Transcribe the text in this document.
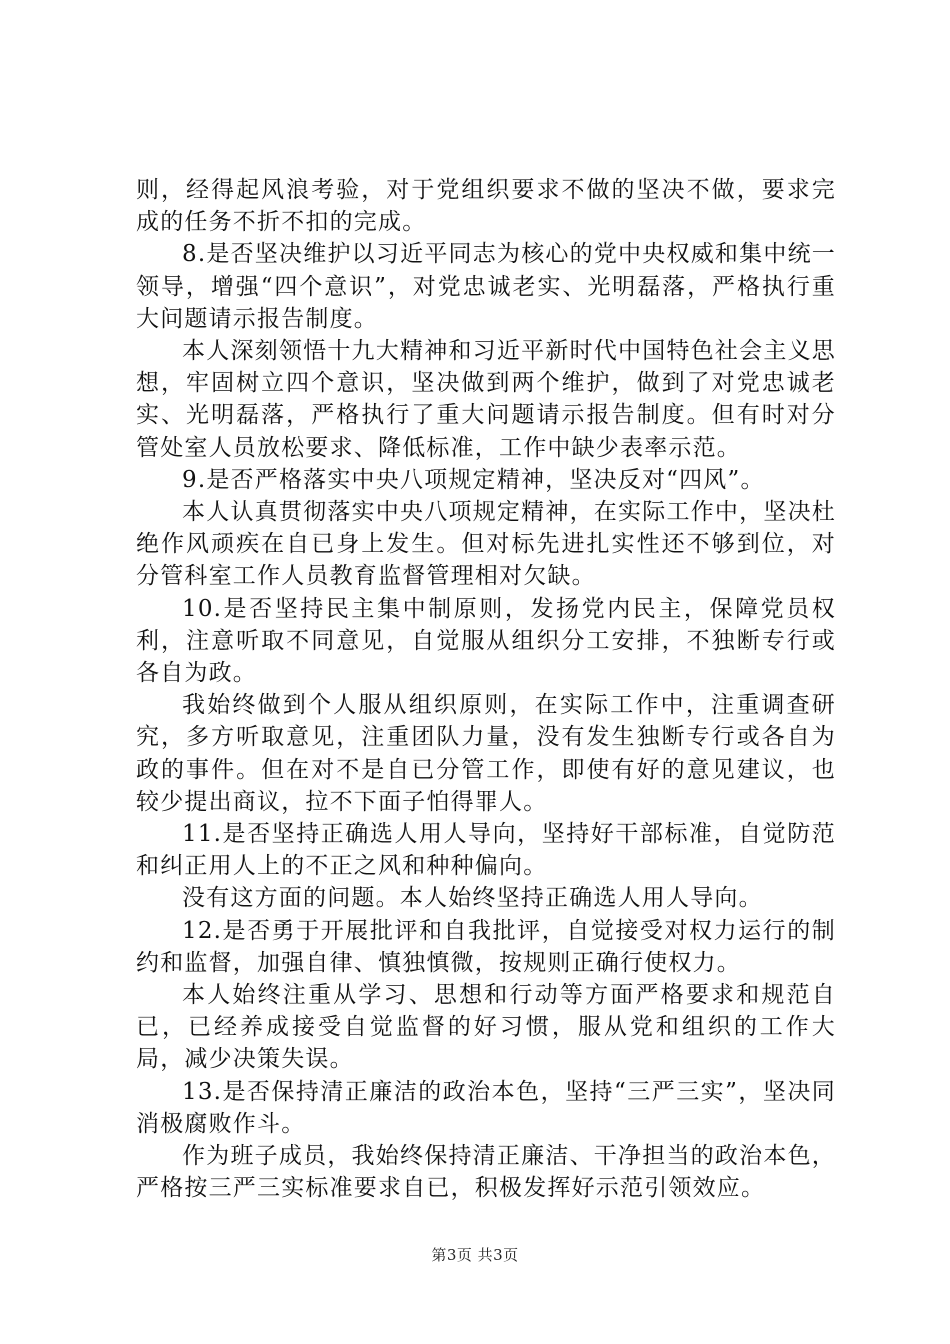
则，经得起风浪考验，对于党组织要求不做的坚决不做，要求完成的任务不折不扣的完成。

8.是否坚决维护以习近平同志为核心的党中央权威和集中统一领导，增强“四个意识”，对党忠诚老实、光明磊落，严格执行重大问题请示报告制度。

本人深刻领悟十九大精神和习近平新时代中国特色社会主义思想，牢固树立四个意识，坚决做到两个维护，做到了对党忠诚老实、光明磊落，严格执行了重大问题请示报告制度。但有时对分管处室人员放松要求、降低标准，工作中缺少表率示范。

9.是否严格落实中央八项规定精神，坚决反对“四风”。

本人认真贯彻落实中央八项规定精神，在实际工作中，坚决杜绝作风顽疾在自已身上发生。但对标先进扎实性还不够到位，对分管科室工作人员教育监督管理相对欠缺。

10.是否坚持民主集中制原则，发扬党内民主，保障党员权利，注意听取不同意见，自觉服从组织分工安排，不独断专行或各自为政。

我始终做到个人服从组织原则，在实际工作中，注重调查研究，多方听取意见，注重团队力量，没有发生独断专行或各自为政的事件。但在对不是自已分管工作，即使有好的意见建议，也较少提出商议，拉不下面子怕得罪人。

11.是否坚持正确选人用人导向，坚持好干部标准，自觉防范和纠正用人上的不正之风和种种偏向。

没有这方面的问题。本人始终坚持正确选人用人导向。

12.是否勇于开展批评和自我批评，自觉接受对权力运行的制约和监督，加强自律、慎独慎微，按规则正确行使权力。

本人始终注重从学习、思想和行动等方面严格要求和规范自已，已经养成接受自觉监督的好习惯，服从党和组织的工作大局，减少决策失误。

13.是否保持清正廉洁的政治本色，坚持“三严三实”，坚决同消极腐败作斗。

作为班子成员，我始终保持清正廉洁、干净担当的政治本色，严格按三严三实标准要求自已，积极发挥好示范引领效应。

第3页 共3页
